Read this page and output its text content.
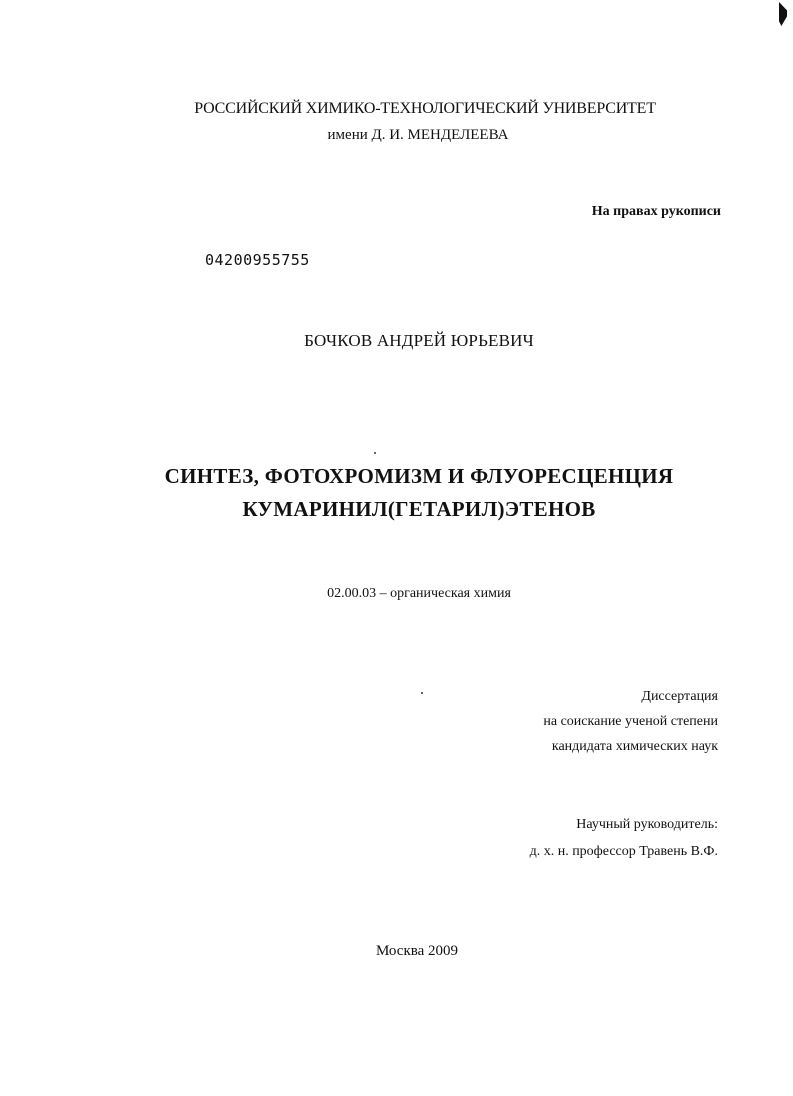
РОССИЙСКИЙ ХИМИКО-ТЕХНОЛОГИЧЕСКИЙ УНИВЕРСИТЕТ
имени Д. И. МЕНДЕЛЕЕВА
На правах рукописи
04200955755
БОЧКОВ АНДРЕЙ ЮРЬЕВИЧ
СИНТЕЗ, ФОТОХРОМИЗМ И ФЛУОРЕСЦЕНЦИЯ
КУМАРИНИЛ(ГЕТАРИЛ)ЭТЕНОВ
02.00.03 – органическая химия
Диссертация
на соискание ученой степени
кандидата химических наук
Научный руководитель:
д. х. н. профессор Травень В.Ф.
Москва 2009
